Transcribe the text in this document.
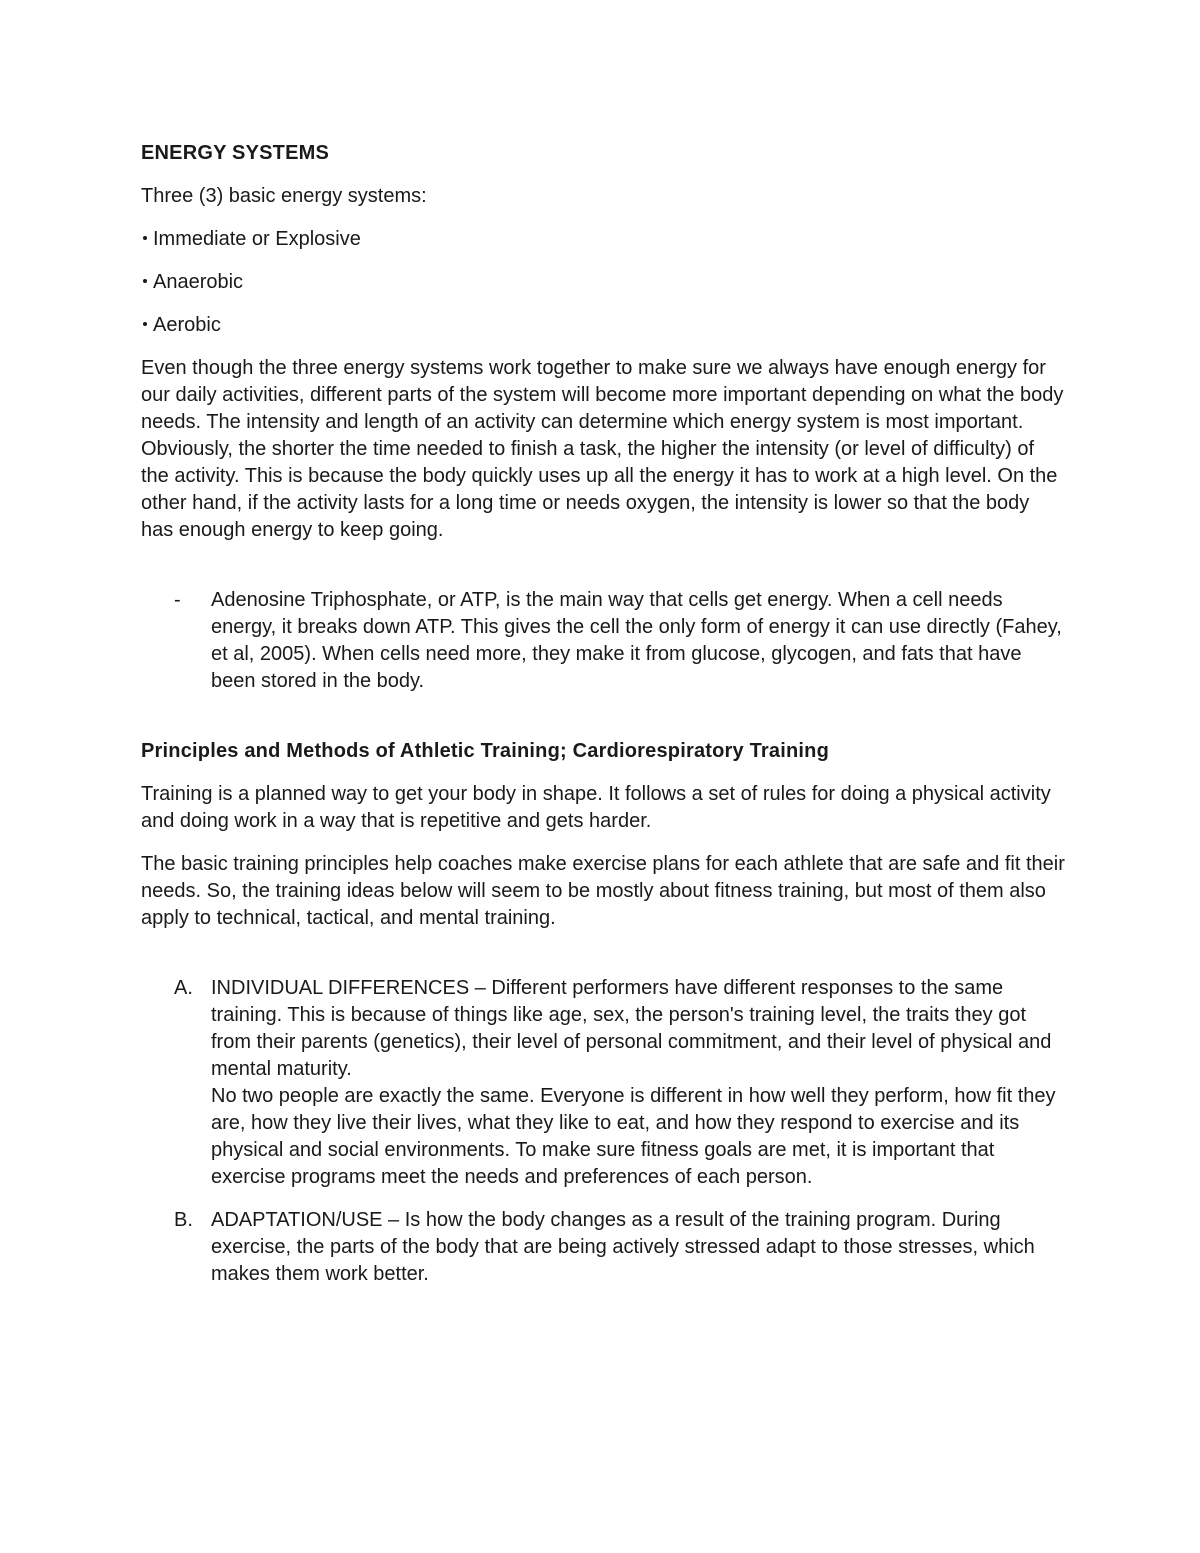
ENERGY SYSTEMS

Three (3) basic energy systems:

Immediate or Explosive
Anaerobic
Aerobic

Even though the three energy systems work together to make sure we always have enough energy for our daily activities, different parts of the system will become more important depending on what the body needs. The intensity and length of an activity can determine which energy system is most important. Obviously, the shorter the time needed to finish a task, the higher the intensity (or level of difficulty) of the activity. This is because the body quickly uses up all the energy it has to work at a high level. On the other hand, if the activity lasts for a long time or needs oxygen, the intensity is lower so that the body has enough energy to keep going.

- Adenosine Triphosphate, or ATP, is the main way that cells get energy. When a cell needs energy, it breaks down ATP. This gives the cell the only form of energy it can use directly (Fahey, et al, 2005). When cells need more, they make it from glucose, glycogen, and fats that have been stored in the body.
Principles and Methods of Athletic Training; Cardiorespiratory Training

Training is a planned way to get your body in shape. It follows a set of rules for doing a physical activity and doing work in a way that is repetitive and gets harder.

The basic training principles help coaches make exercise plans for each athlete that are safe and fit their needs. So, the training ideas below will seem to be mostly about fitness training, but most of them also apply to technical, tactical, and mental training.

A. INDIVIDUAL DIFFERENCES – Different performers have different responses to the same training. This is because of things like age, sex, the person's training level, the traits they got from their parents (genetics), their level of personal commitment, and their level of physical and mental maturity.
No two people are exactly the same. Everyone is different in how well they perform, how fit they are, how they live their lives, what they like to eat, and how they respond to exercise and its physical and social environments. To make sure fitness goals are met, it is important that exercise programs meet the needs and preferences of each person.
B. ADAPTATION/USE – Is how the body changes as a result of the training program. During exercise, the parts of the body that are being actively stressed adapt to those stresses, which makes them work better.
